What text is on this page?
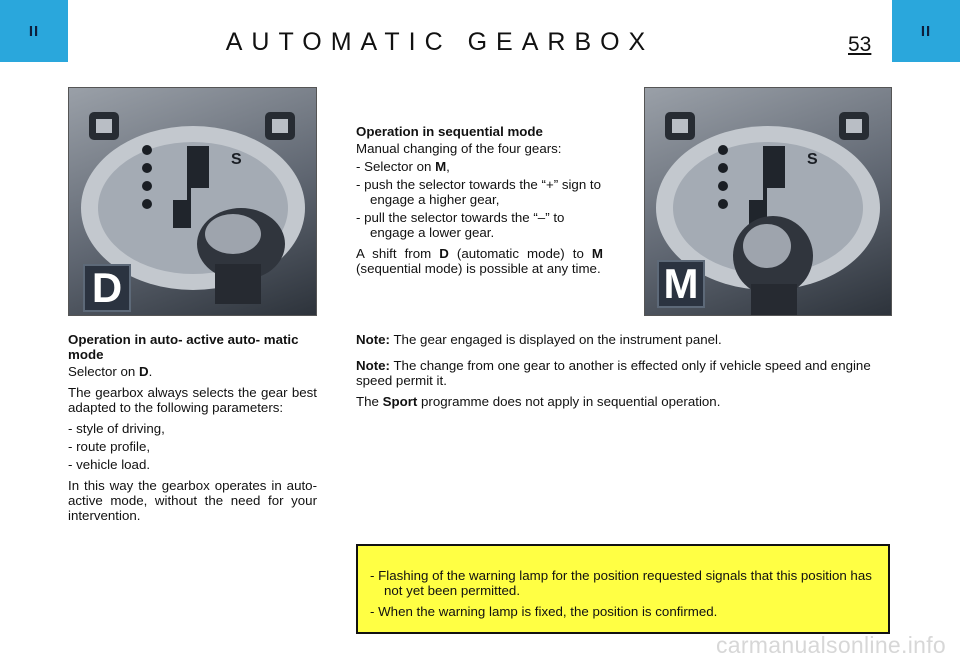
II	II
AUTOMATIC GEARBOX	53
S
D
S
M
Operation in sequential mode

Manual changing of the four gears:

- Selector on M,
- push the selector towards the “+” sign to engage a higher gear,
- pull the selector towards the “–” to engage a lower gear.

A shift from D (automatic mode) to M (sequential mode) is possible at any time.

Operation in auto- active auto- matic mode

Selector on D.

The gearbox always selects the gear best adapted to the following parameters:

- style of driving,
- route profile,
- vehicle load.

In this way the gearbox operates in auto- active mode, without the need for your intervention.

Note: The gear engaged is displayed on the instrument panel.

Note: The change from one gear to another is effected only if vehicle speed and engine speed permit it.

The Sport programme does not apply in sequential operation.

- Flashing of the warning lamp for the position requested signals that this position has not yet been permitted.
- When the warning lamp is fixed, the position is confirmed.
carmanualsonline.info
